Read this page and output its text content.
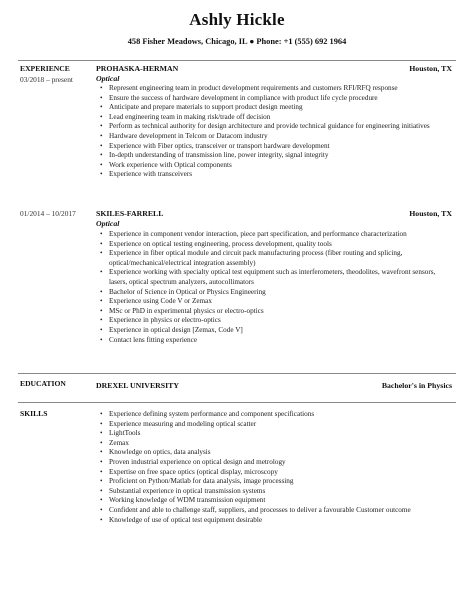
Ashly Hickle
458 Fisher Meadows, Chicago, IL ● Phone: +1 (555) 692 1964
EXPERIENCE
03/2018 – present
PROHASKA-HERMAN	Houston, TX
Optical
• Represent engineering team in product development requirements and customers RFI/RFQ response
• Ensure the success of hardware development in compliance with product life cycle procedure
• Anticipate and prepare materials to support product design meeting
• Lead engineering team in making risk/trade off decision
• Perform as technical authority for design architecture and provide technical guidance for engineering initiatives
• Hardware development in Telcom or Datacom industry
• Experience with Fiber optics, transceiver or transport hardware development
• In-depth understanding of transmission line, power integrity, signal integrity
• Work experience with Optical components
• Experience with transceivers
01/2014 – 10/2017	SKILES-FARRELL	Houston, TX
Optical
• Experience in component vendor interaction, piece part specification, and performance characterization
• Experience on optical testing engineering, process development, quality tools
• Experience in fiber optical module and circuit pack manufacturing process (fiber routing and splicing, optical/mechanical/electrical integration assembly)
• Experience working with specialty optical test equipment such as interferometers, theodolites, wavefront sensors, lasers, optical spectrum analyzers, autocollimators
• Bachelor of Science in Optical or Physics Engineering
• Experience using Code V or Zemax
• MSc or PhD in experimental physics or electro-optics
• Experience in physics or electro-optics
• Experience in optical design [Zemax, Code V]
• Contact lens fitting experience
EDUCATION	DREXEL UNIVERSITY	Bachelor's in Physics
SKILLS
•	Experience defining system performance and component specifications
• Experience measuring and modeling optical scatter
• LightTools
• Zemax
• Knowledge on optics, data analysis
• Proven industrial experience on optical design and metrology
• Expertise on free space optics (optical display, microscopy
• Proficient on Python/Matlab for data analysis, image processing
• Substantial experience in optical transmission systems
• Working knowledge of WDM transmission equipment
• Confident and able to challenge staff, suppliers, and processes to deliver a favourable Customer outcome
• Knowledge of use of optical test equipment desirable
